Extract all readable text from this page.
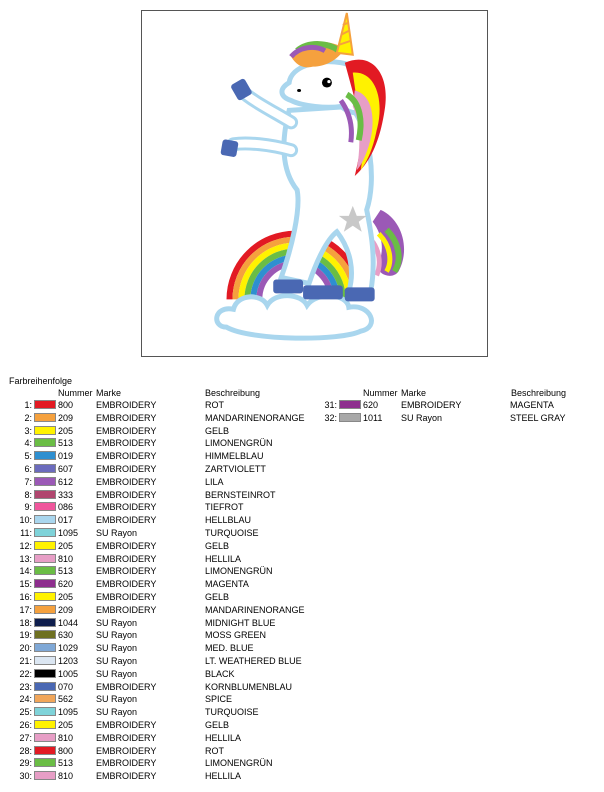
Farbreihenfolge
Nummer Marke	Beschreibung	Nummer Marke	Beschreibung
1:	800	EMBROIDERY	ROT
2:	209	EMBROIDERY	MANDARINENORANGE
3:	205	EMBROIDERY	GELB
4:	513	EMBROIDERY	LIMONENGRÜN
5:	019	EMBROIDERY	HIMMELBLAU
6:	607	EMBROIDERY	ZARTVIOLETT
7:	612	EMBROIDERY	LILA
8:	333	EMBROIDERY	BERNSTEINROT
9:	086	EMBROIDERY	TIEFROT
10:	017	EMBROIDERY	HELLBLAU
11:	1095 SU Rayon	TURQUOISE
12:	205	EMBROIDERY	GELB
13:	810	EMBROIDERY	HELLILA
14:	513	EMBROIDERY	LIMONENGRÜN
15:	620	EMBROIDERY	MAGENTA
16:	205	EMBROIDERY	GELB
17:	209	EMBROIDERY	MANDARINENORANGE
18:	1044 SU Rayon	MIDNIGHT BLUE
19:	630	SU Rayon	MOSS GREEN
20:	1029 SU Rayon	MED. BLUE
21:	1203 SU Rayon	LT. WEATHERED BLUE
22:	1005 SU Rayon	BLACK
23:	070	EMBROIDERY	KORNBLUMENBLAU
24:	562	SU Rayon	SPICE
25:	1095 SU Rayon	TURQUOISE
26:	205	EMBROIDERY	GELB
27:	810	EMBROIDERY	HELLILA
28:	800	EMBROIDERY	ROT
29:	513	EMBROIDERY	LIMONENGRÜN
30:	810	EMBROIDERY	HELLILA
31:	620	EMBROIDERY	MAGENTA
32:	1011 SU Rayon	STEEL GRAY
